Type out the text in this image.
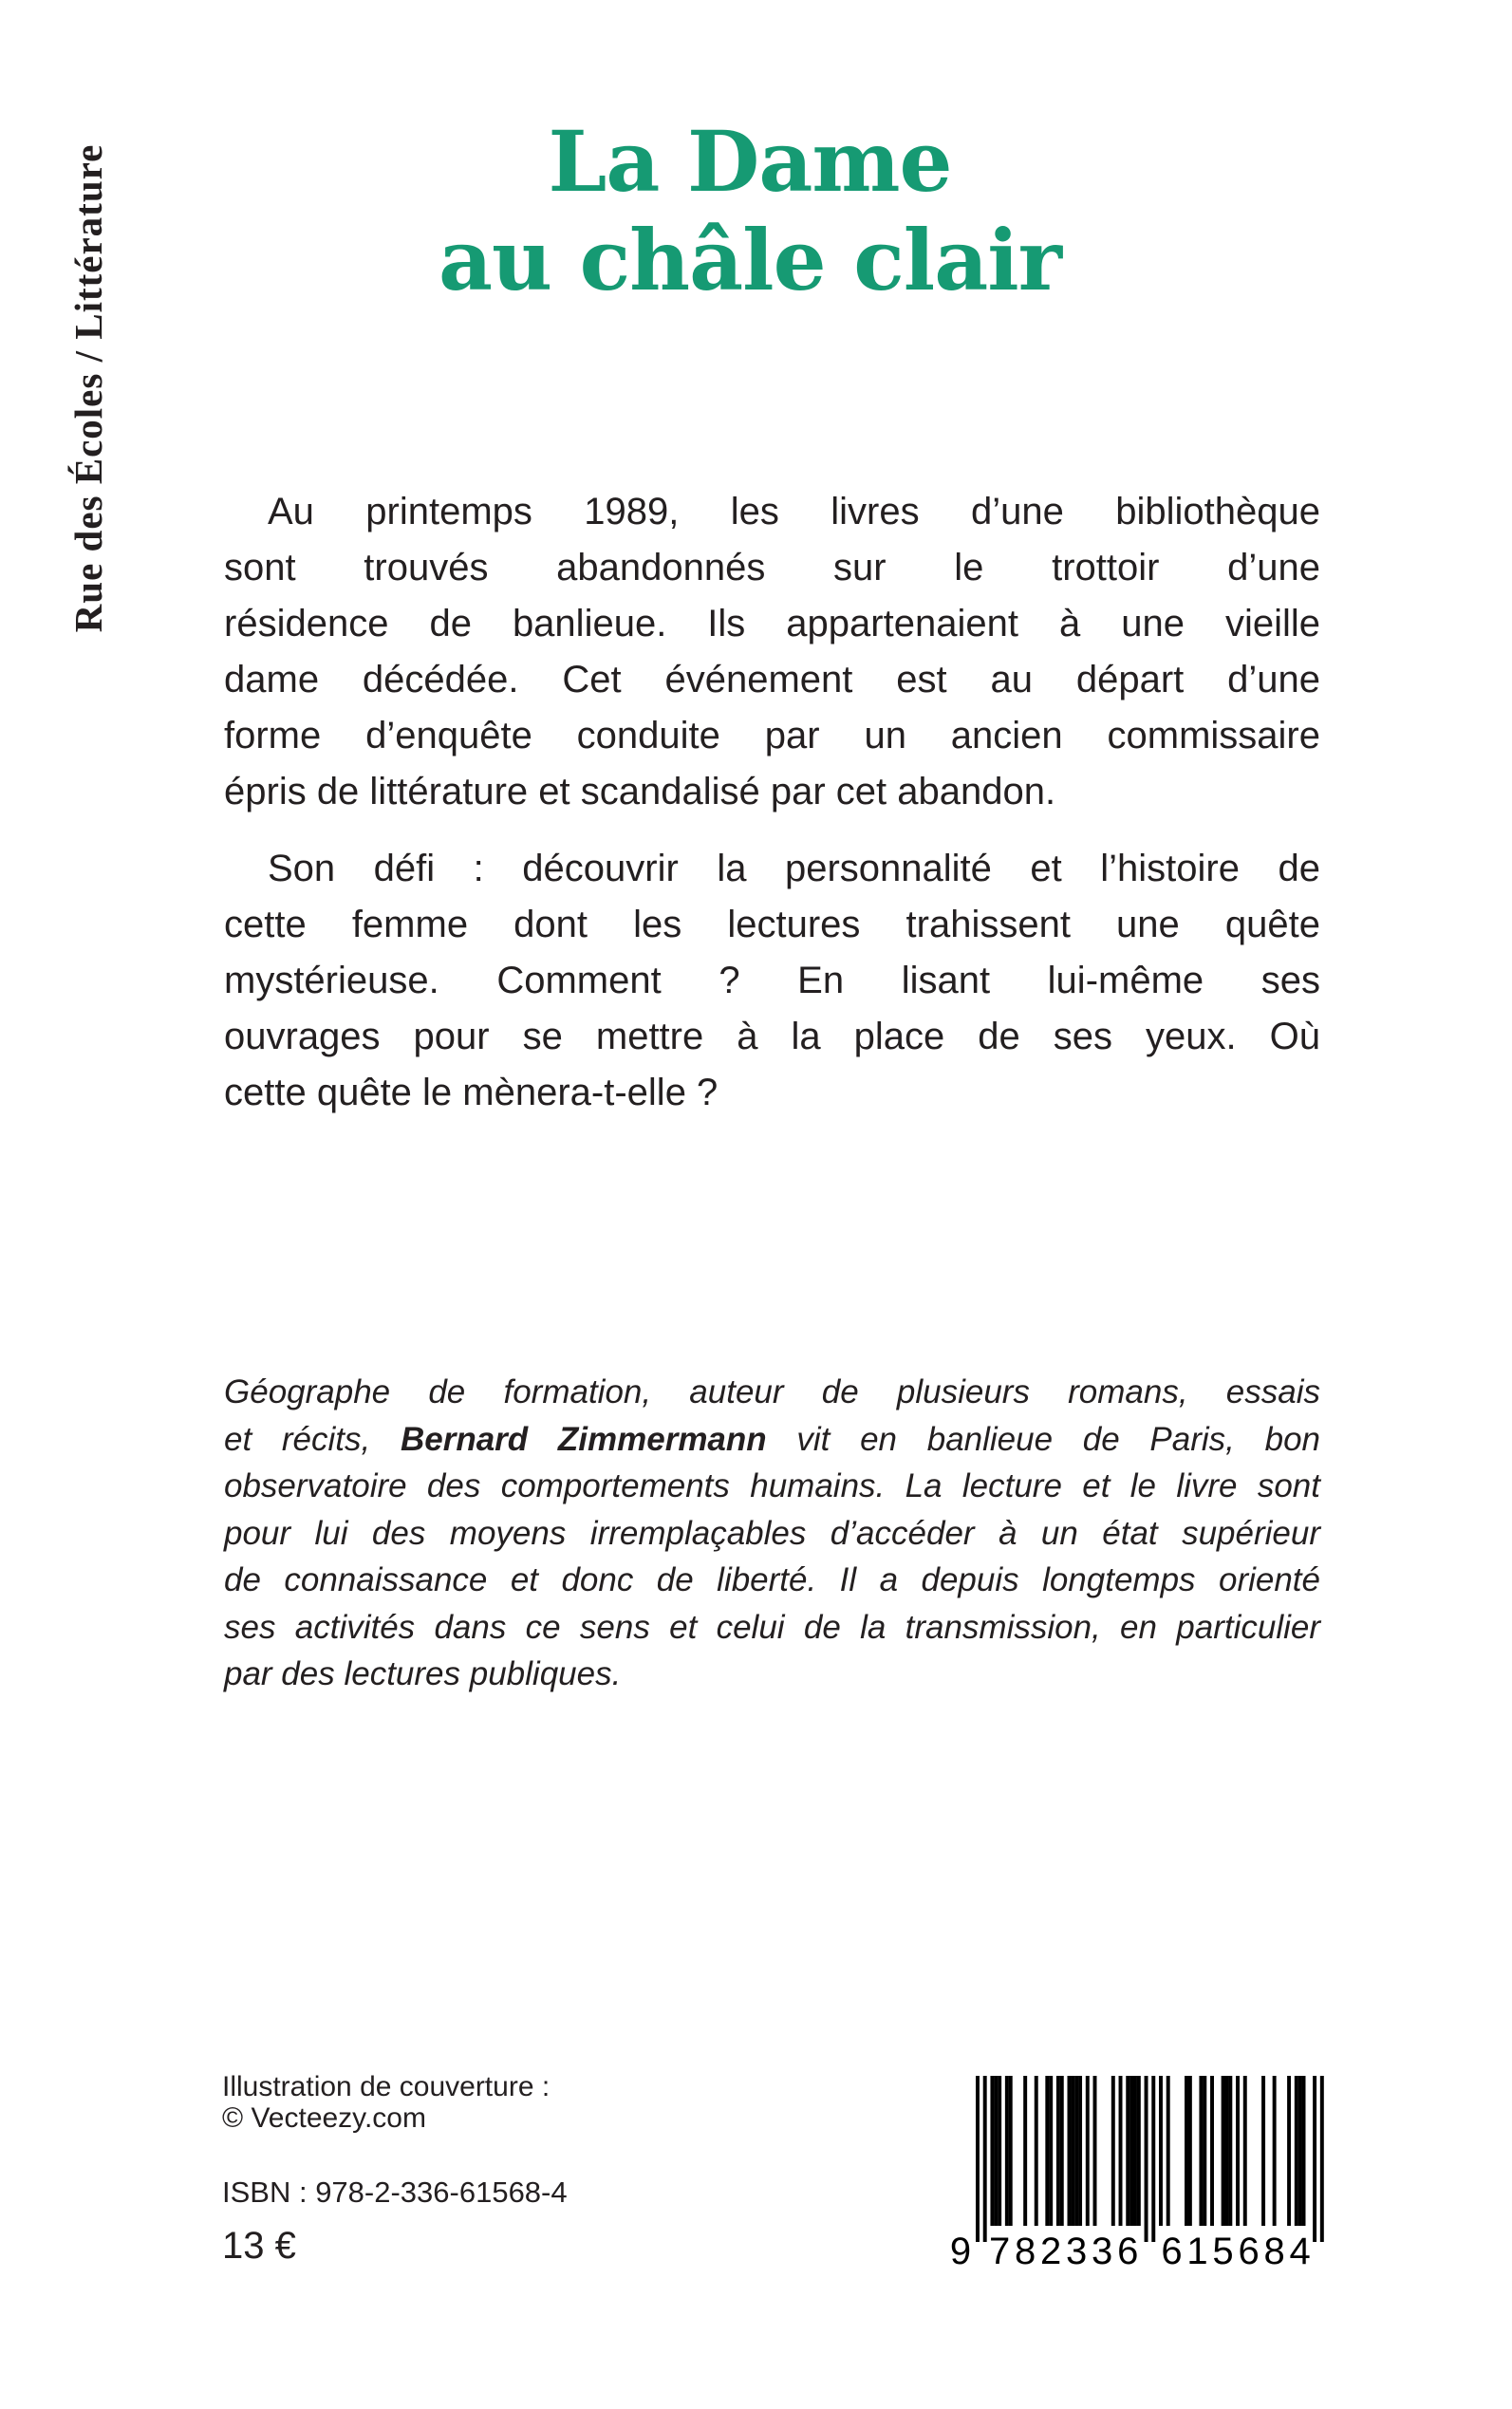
Rue des Écoles / Littérature	La Dame
au châle clair
Au printemps 1989, les livres d’une bibliothèque
sont trouvés abandonnés sur le trottoir d’une
résidence de banlieue. Ils appartenaient à une vieille
dame décédée. Cet événement est au départ d’une
forme d’enquête conduite par un ancien commissaire
épris de littérature et scandalisé par cet abandon.
Son défi : découvrir la personnalité et l’histoire de
cette femme dont les lectures trahissent une quête
mystérieuse. Comment ? En lisant lui-même ses
ouvrages pour se mettre à la place de ses yeux. Où
cette quête le mènera-t-elle ?
Géographe de formation, auteur de plusieurs romans, essais
et récits, Bernard Zimmermann vit en banlieue de Paris, bon
observatoire des comportements humains. La lecture et le livre sont
pour lui des moyens irremplaçables d’accéder à un état supérieur
de connaissance et donc de liberté. Il a depuis longtemps orienté
ses activités dans ce sens et celui de la transmission, en particulier
par des lectures publiques.
Illustration de couverture :
© Vecteezy.com
ISBN : 978-2-336-61568-4
13 €	9 7 8 2 3 3 6 6 1 5 6 8 4
